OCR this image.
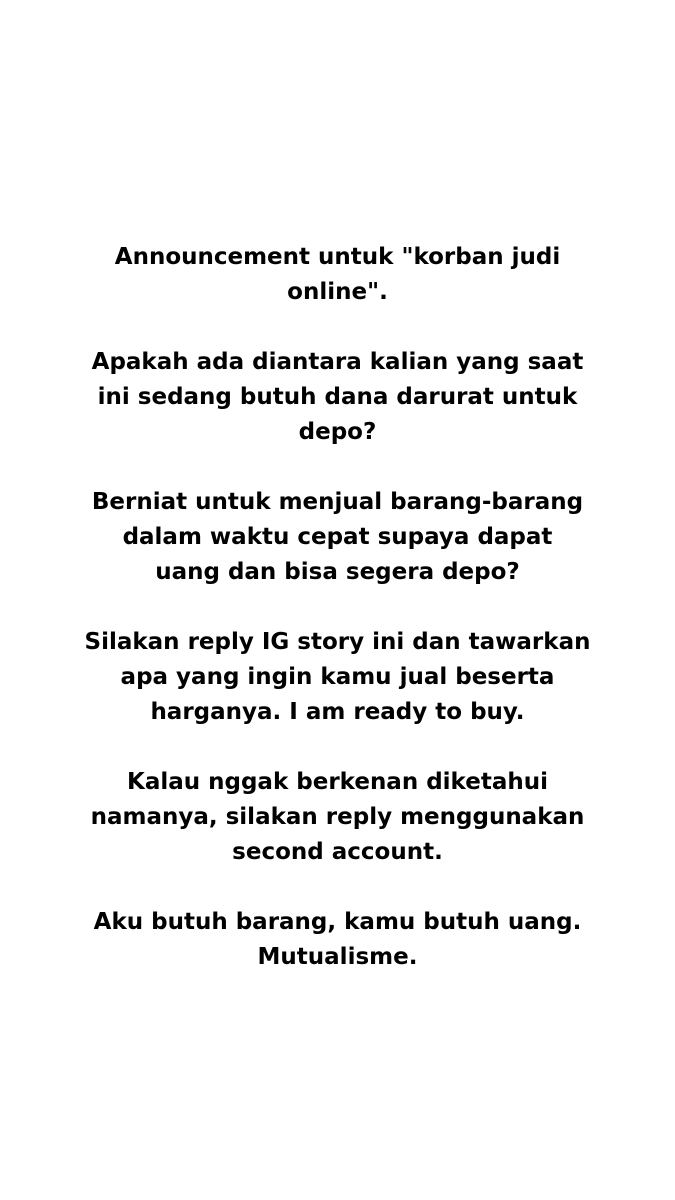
Announcement untuk "korban judi
online".

Apakah ada diantara kalian yang saat
ini sedang butuh dana darurat untuk
depo?

Berniat untuk menjual barang-barang
dalam waktu cepat supaya dapat
uang dan bisa segera depo?

Silakan reply IG story ini dan tawarkan
apa yang ingin kamu jual beserta
harganya. I am ready to buy.

Kalau nggak berkenan diketahui
namanya, silakan reply menggunakan
second account.

Aku butuh barang, kamu butuh uang.
Mutualisme.
